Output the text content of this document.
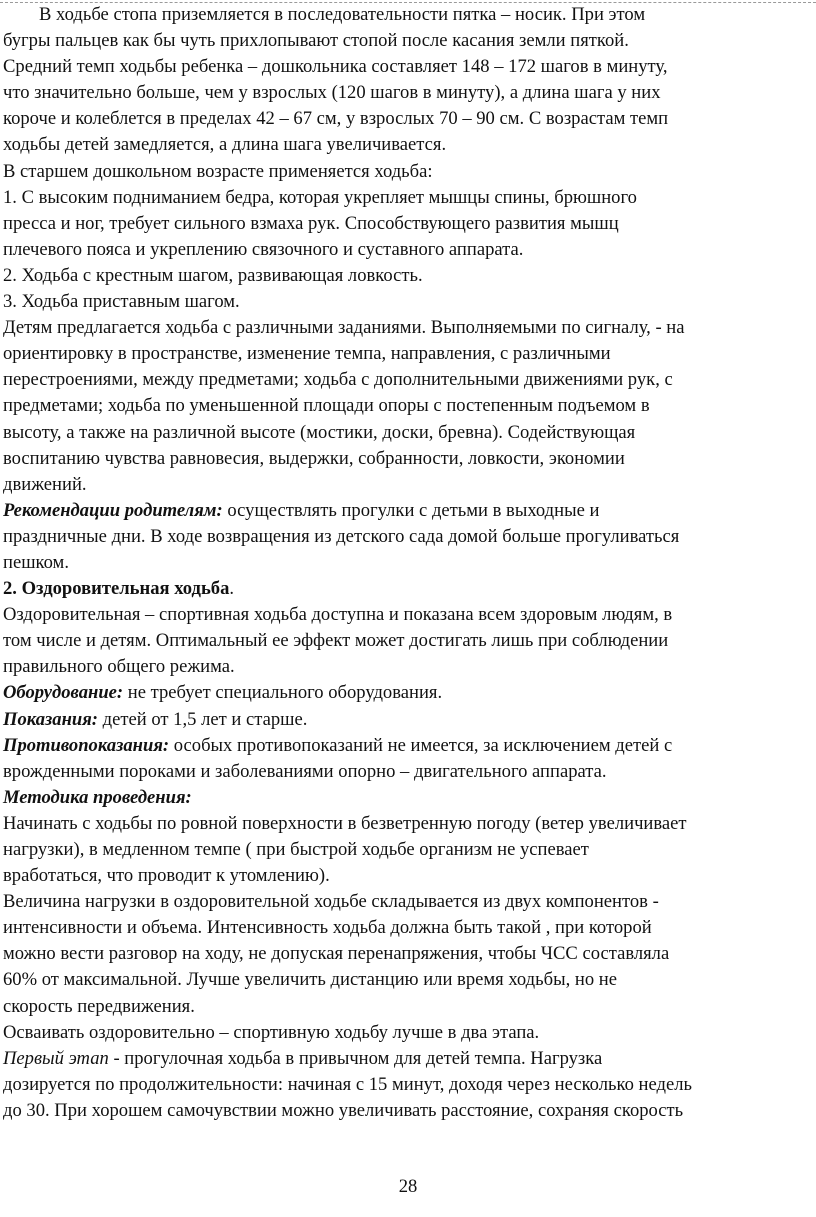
В ходьбе стопа приземляется в последовательности пятка – носик. При этом
бугры пальцев как бы чуть прихлопывают стопой после касания земли пяткой.
Средний темп ходьбы ребенка – дошкольника составляет 148 – 172 шагов в минуту,
что значительно больше, чем у взрослых (120 шагов в минуту), а длина шага у них
короче и колеблется в пределах 42 – 67 см, у взрослых 70 – 90 см. С возрастам темп
ходьбы детей замедляется, а длина шага увеличивается.
В старшем дошкольном возрасте применяется ходьба:
1. С высоким подниманием бедра, которая укрепляет мышцы спины, брюшного
пресса и ног, требует сильного взмаха рук. Способствующего развития мышц
плечевого пояса и укреплению связочного и суставного аппарата.
2. Ходьба с крестным шагом, развивающая ловкость.
3. Ходьба приставным шагом.
Детям предлагается ходьба с различными заданиями. Выполняемыми по сигналу, - на
ориентировку в пространстве, изменение темпа, направления, с различными
перестроениями, между предметами; ходьба с дополнительными движениями рук, с
предметами; ходьба по уменьшенной площади опоры с постепенным подъемом в
высоту, а также на различной высоте (мостики, доски, бревна). Содействующая
воспитанию чувства равновесия, выдержки, собранности, ловкости, экономии
движений.
Рекомендации родителям: осуществлять прогулки с детьми в выходные и
праздничные дни. В ходе возвращения из детского сада домой больше прогуливаться
пешком.
2. Оздоровительная ходьба.
Оздоровительная – спортивная ходьба доступна и показана всем здоровым людям, в
том числе и детям. Оптимальный ее эффект может достигать лишь при соблюдении
правильного общего режима.
Оборудование: не требует специального оборудования.
Показания: детей от 1,5 лет и старше.
Противопоказания: особых противопоказаний не имеется, за исключением детей с
врожденными пороками и заболеваниями опорно – двигательного аппарата.
Методика проведения:
Начинать с ходьбы по ровной поверхности в безветренную погоду (ветер увеличивает
нагрузки), в медленном темпе ( при быстрой ходьбе организм не успевает
вработаться, что проводит к утомлению).
Величина нагрузки в оздоровительной ходьбе складывается из двух компонентов -
интенсивности и объема. Интенсивность ходьба должна быть такой , при которой
можно вести разговор на ходу, не допуская перенапряжения, чтобы ЧСС составляла
60% от максимальной. Лучше увеличить дистанцию или время ходьбы, но не
скорость передвижения.
Осваивать оздоровительно – спортивную ходьбу лучше в два этапа.
Первый этап - прогулочная ходьба в привычном для детей темпа. Нагрузка
дозируется по продолжительности: начиная с 15 минут, доходя через несколько недель
до 30. При хорошем самочувствии можно увеличивать расстояние, сохраняя скорость
28
